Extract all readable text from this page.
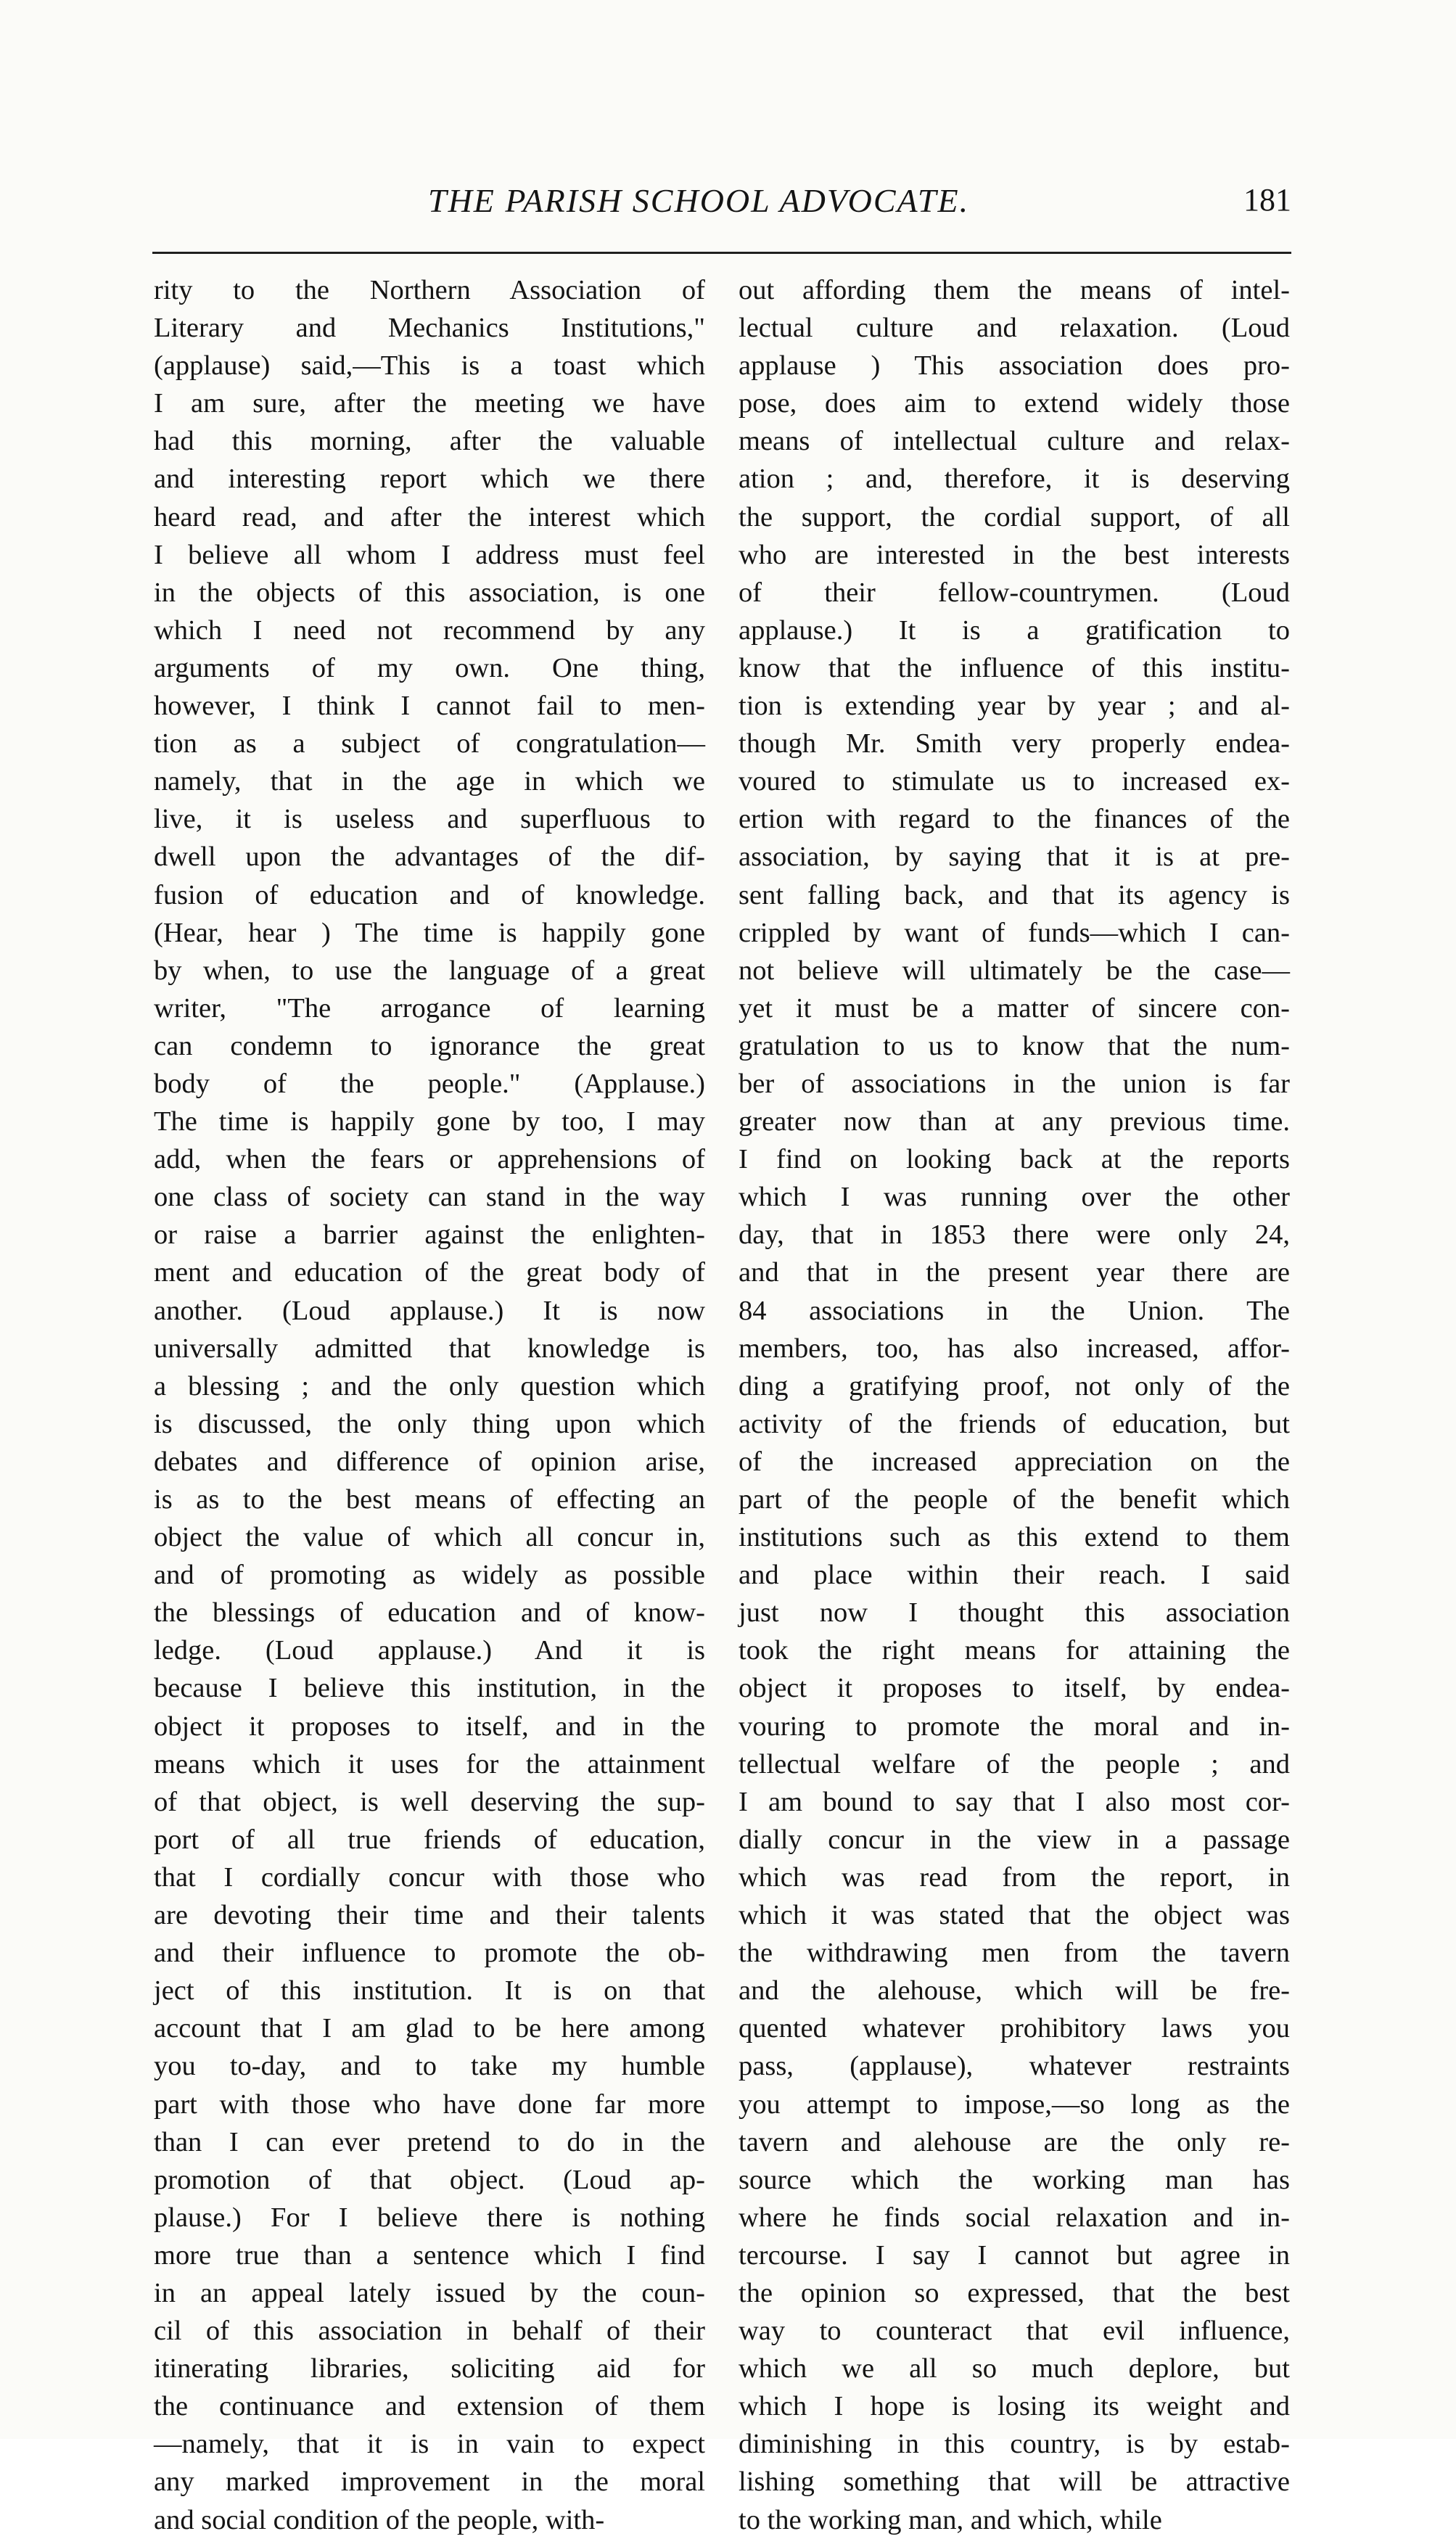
THE PARISH SCHOOL ADVOCATE.	181
rity to the Northern Association of
Literary and Mechanics Institutions,"
(applause) said,—This is a toast which
I am sure, after the meeting we have
had this morning, after the valuable
and interesting report which we there
heard read, and after the interest which
I believe all whom I address must feel
in the objects of this association, is one
which I need not recommend by any
arguments of my own. One thing,
however, I think I cannot fail to men-
tion as a subject of congratulation—
namely, that in the age in which we
live, it is useless and superfluous to
dwell upon the advantages of the dif-
fusion of education and of knowledge.
(Hear, hear ) The time is happily gone
by when, to use the language of a great
writer, "The arrogance of learning
can condemn to ignorance the great
body of the people." (Applause.)
The time is happily gone by too, I may
add, when the fears or apprehensions of
one class of society can stand in the way
or raise a barrier against the enlighten-
ment and education of the great body of
another. (Loud applause.) It is now
universally admitted that knowledge is
a blessing ; and the only question which
is discussed, the only thing upon which
debates and difference of opinion arise,
is as to the best means of effecting an
object the value of which all concur in,
and of promoting as widely as possible
the blessings of education and of know-
ledge. (Loud applause.) And it is
because I believe this institution, in the
object it proposes to itself, and in the
means which it uses for the attainment
of that object, is well deserving the sup-
port of all true friends of education,
that I cordially concur with those who
are devoting their time and their talents
and their influence to promote the ob-
ject of this institution. It is on that
account that I am glad to be here among
you to-day, and to take my humble
part with those who have done far more
than I can ever pretend to do in the
promotion of that object. (Loud ap-
plause.) For I believe there is nothing
more true than a sentence which I find
in an appeal lately issued by the coun-
cil of this association in behalf of their
itinerating libraries, soliciting aid for
the continuance and extension of them
—namely, that it is in vain to expect
any marked improvement in the moral
and social condition of the people, with-
out affording them the means of intel-
lectual culture and relaxation. (Loud
applause ) This association does pro-
pose, does aim to extend widely those
means of intellectual culture and relax-
ation ; and, therefore, it is deserving
the support, the cordial support, of all
who are interested in the best interests
of their fellow-countrymen. (Loud
applause.) It is a gratification to
know that the influence of this institu-
tion is extending year by year ; and al-
though Mr. Smith very properly endea-
voured to stimulate us to increased ex-
ertion with regard to the finances of the
association, by saying that it is at pre-
sent falling back, and that its agency is
crippled by want of funds—which I can-
not believe will ultimately be the case—
yet it must be a matter of sincere con-
gratulation to us to know that the num-
ber of associations in the union is far
greater now than at any previous time.
I find on looking back at the reports
which I was running over the other
day, that in 1853 there were only 24,
and that in the present year there are
84 associations in the Union. The
members, too, has also increased, affor-
ding a gratifying proof, not only of the
activity of the friends of education, but
of the increased appreciation on the
part of the people of the benefit which
institutions such as this extend to them
and place within their reach. I said
just now I thought this association
took the right means for attaining the
object it proposes to itself, by endea-
vouring to promote the moral and in-
tellectual welfare of the people ; and
I am bound to say that I also most cor-
dially concur in the view in a passage
which was read from the report, in
which it was stated that the object was
the withdrawing men from the tavern
and the alehouse, which will be fre-
quented whatever prohibitory laws you
pass, (applause), whatever restraints
you attempt to impose,—so long as the
tavern and alehouse are the only re-
source which the working man has
where he finds social relaxation and in-
tercourse. I say I cannot but agree in
the opinion so expressed, that the best
way to counteract that evil influence,
which we all so much deplore, but
which I hope is losing its weight and
diminishing in this country, is by estab-
lishing something that will be attractive
to the working man, and which, while
